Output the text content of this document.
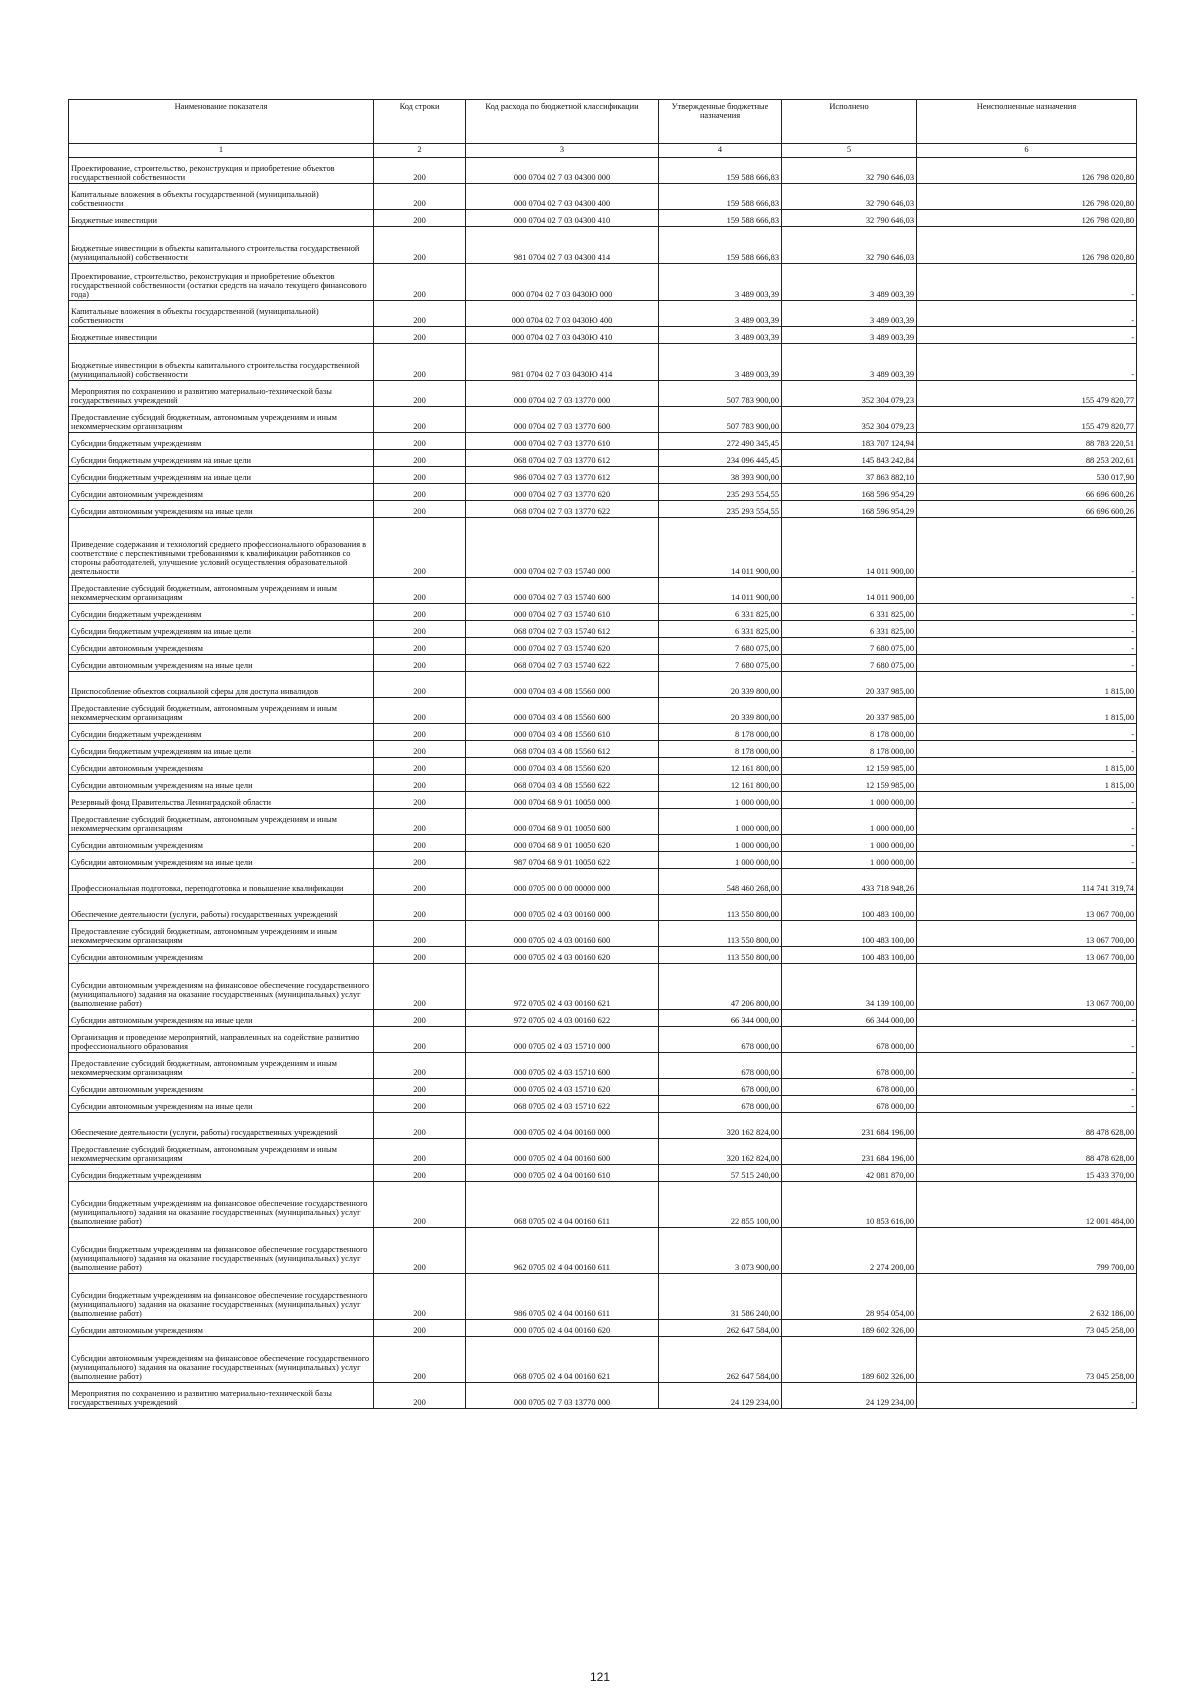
Наименование показателя	Код строки	Код расхода по бюджетной классификации	Утвержденные бюджетные назначения	Исполнено	Неисполненные назначения
1	2	3	4	5	6
Проектирование, строительство, реконструкция и приобретение объектов государственной собственности	200	000 0704 02 7 03 04300 000	159 588 666,83	32 790 646,03	126 798 020,80
Капитальные вложения в объекты государственной (муниципальной) собственности	200	000 0704 02 7 03 04300 400	159 588 666,83	32 790 646,03	126 798 020,80
Бюджетные инвестиции	200	000 0704 02 7 03 04300 410	159 588 666,83	32 790 646,03	126 798 020,80
Бюджетные инвестиции в объекты капитального строительства государственной (муниципальной) собственности	200	981 0704 02 7 03 04300 414	159 588 666,83	32 790 646,03	126 798 020,80
Проектирование, строительство, реконструкция и приобретение объектов государственной собственности (остатки средств на начало текущего финансового года)	200	000 0704 02 7 03 0430Ю 000	3 489 003,39	3 489 003,39	-
Капитальные вложения в объекты государственной (муниципальной) собственности	200	000 0704 02 7 03 0430Ю 400	3 489 003,39	3 489 003,39	-
Бюджетные инвестиции	200	000 0704 02 7 03 0430Ю 410	3 489 003,39	3 489 003,39	-
Бюджетные инвестиции в объекты капитального строительства государственной (муниципальной) собственности	200	981 0704 02 7 03 0430Ю 414	3 489 003,39	3 489 003,39	-
Мероприятия по сохранению и развитию материально-технической базы государственных учреждений	200	000 0704 02 7 03 13770 000	507 783 900,00	352 304 079,23	155 479 820,77
Предоставление субсидий бюджетным, автономным учреждениям и иным некоммерческим организациям	200	000 0704 02 7 03 13770 600	507 783 900,00	352 304 079,23	155 479 820,77
Субсидии бюджетным учреждениям	200	000 0704 02 7 03 13770 610	272 490 345,45	183 707 124,94	88 783 220,51
Субсидии бюджетным учреждениям на иные цели	200	068 0704 02 7 03 13770 612	234 096 445,45	145 843 242,84	88 253 202,61
Субсидии бюджетным учреждениям на иные цели	200	986 0704 02 7 03 13770 612	38 393 900,00	37 863 882,10	530 017,90
Субсидии автономным учреждениям	200	000 0704 02 7 03 13770 620	235 293 554,55	168 596 954,29	66 696 600,26
Субсидии автономным учреждениям на иные цели	200	068 0704 02 7 03 13770 622	235 293 554,55	168 596 954,29	66 696 600,26
Приведение содержания и технологий среднего профессионального образования в соответствие с перспективными требованиями к квалификации работников со стороны работодателей, улучшение условий осуществления образовательной деятельности	200	000 0704 02 7 03 15740 000	14 011 900,00	14 011 900,00	-
Предоставление субсидий бюджетным, автономным учреждениям и иным некоммерческим организациям	200	000 0704 02 7 03 15740 600	14 011 900,00	14 011 900,00	-
Субсидии бюджетным учреждениям	200	000 0704 02 7 03 15740 610	6 331 825,00	6 331 825,00	-
Субсидии бюджетным учреждениям на иные цели	200	068 0704 02 7 03 15740 612	6 331 825,00	6 331 825,00	-
Субсидии автономным учреждениям	200	000 0704 02 7 03 15740 620	7 680 075,00	7 680 075,00	-
Субсидии автономным учреждениям на иные цели	200	068 0704 02 7 03 15740 622	7 680 075,00	7 680 075,00	-
Приспособление объектов социальной сферы для доступа инвалидов	200	000 0704 03 4 08 15560 000	20 339 800,00	20 337 985,00	1 815,00
Предоставление субсидий бюджетным, автономным учреждениям и иным некоммерческим организациям	200	000 0704 03 4 08 15560 600	20 339 800,00	20 337 985,00	1 815,00
Субсидии бюджетным учреждениям	200	000 0704 03 4 08 15560 610	8 178 000,00	8 178 000,00	-
Субсидии бюджетным учреждениям на иные цели	200	068 0704 03 4 08 15560 612	8 178 000,00	8 178 000,00	-
Субсидии автономным учреждениям	200	000 0704 03 4 08 15560 620	12 161 800,00	12 159 985,00	1 815,00
Субсидии автономным учреждениям на иные цели	200	068 0704 03 4 08 15560 622	12 161 800,00	12 159 985,00	1 815,00
Резервный фонд Правительства Ленинградской области	200	000 0704 68 9 01 10050 000	1 000 000,00	1 000 000,00	-
Предоставление субсидий бюджетным, автономным учреждениям и иным некоммерческим организациям	200	000 0704 68 9 01 10050 600	1 000 000,00	1 000 000,00	-
Субсидии автономным учреждениям	200	000 0704 68 9 01 10050 620	1 000 000,00	1 000 000,00	-
Субсидии автономным учреждениям на иные цели	200	987 0704 68 9 01 10050 622	1 000 000,00	1 000 000,00	-
Профессиональная подготовка, переподготовка и повышение квалификации	200	000 0705 00 0 00 00000 000	548 460 268,00	433 718 948,26	114 741 319,74
Обеспечение деятельности (услуги, работы) государственных учреждений	200	000 0705 02 4 03 00160 000	113 550 800,00	100 483 100,00	13 067 700,00
Предоставление субсидий бюджетным, автономным учреждениям и иным некоммерческим организациям	200	000 0705 02 4 03 00160 600	113 550 800,00	100 483 100,00	13 067 700,00
Субсидии автономным учреждениям	200	000 0705 02 4 03 00160 620	113 550 800,00	100 483 100,00	13 067 700,00
Субсидии автономным учреждениям на финансовое обеспечение государственного (муниципального) задания на оказание государственных (муниципальных) услуг (выполнение работ)	200	972 0705 02 4 03 00160 621	47 206 800,00	34 139 100,00	13 067 700,00
Субсидии автономным учреждениям на иные цели	200	972 0705 02 4 03 00160 622	66 344 000,00	66 344 000,00	-
Организация и проведение мероприятий, направленных на содействие развитию профессионального образования	200	000 0705 02 4 03 15710 000	678 000,00	678 000,00	-
Предоставление субсидий бюджетным, автономным учреждениям и иным некоммерческим организациям	200	000 0705 02 4 03 15710 600	678 000,00	678 000,00	-
Субсидии автономным учреждениям	200	000 0705 02 4 03 15710 620	678 000,00	678 000,00	-
Субсидии автономным учреждениям на иные цели	200	068 0705 02 4 03 15710 622	678 000,00	678 000,00	-
Обеспечение деятельности (услуги, работы) государственных учреждений	200	000 0705 02 4 04 00160 000	320 162 824,00	231 684 196,00	88 478 628,00
Предоставление субсидий бюджетным, автономным учреждениям и иным некоммерческим организациям	200	000 0705 02 4 04 00160 600	320 162 824,00	231 684 196,00	88 478 628,00
Субсидии бюджетным учреждениям	200	000 0705 02 4 04 00160 610	57 515 240,00	42 081 870,00	15 433 370,00
Субсидии бюджетным учреждениям на финансовое обеспечение государственного (муниципального) задания на оказание государственных (муниципальных) услуг (выполнение работ)	200	068 0705 02 4 04 00160 611	22 855 100,00	10 853 616,00	12 001 484,00
Субсидии бюджетным учреждениям на финансовое обеспечение государственного (муниципального) задания на оказание государственных (муниципальных) услуг (выполнение работ)	200	962 0705 02 4 04 00160 611	3 073 900,00	2 274 200,00	799 700,00
Субсидии бюджетным учреждениям на финансовое обеспечение государственного (муниципального) задания на оказание государственных (муниципальных) услуг (выполнение работ)	200	986 0705 02 4 04 00160 611	31 586 240,00	28 954 054,00	2 632 186,00
Субсидии автономным учреждениям	200	000 0705 02 4 04 00160 620	262 647 584,00	189 602 326,00	73 045 258,00
Субсидии автономным учреждениям на финансовое обеспечение государственного (муниципального) задания на оказание государственных (муниципальных) услуг (выполнение работ)	200	068 0705 02 4 04 00160 621	262 647 584,00	189 602 326,00	73 045 258,00
Мероприятия по сохранению и развитию материально-технической базы государственных учреждений	200	000 0705 02 7 03 13770 000	24 129 234,00	24 129 234,00	-
121
